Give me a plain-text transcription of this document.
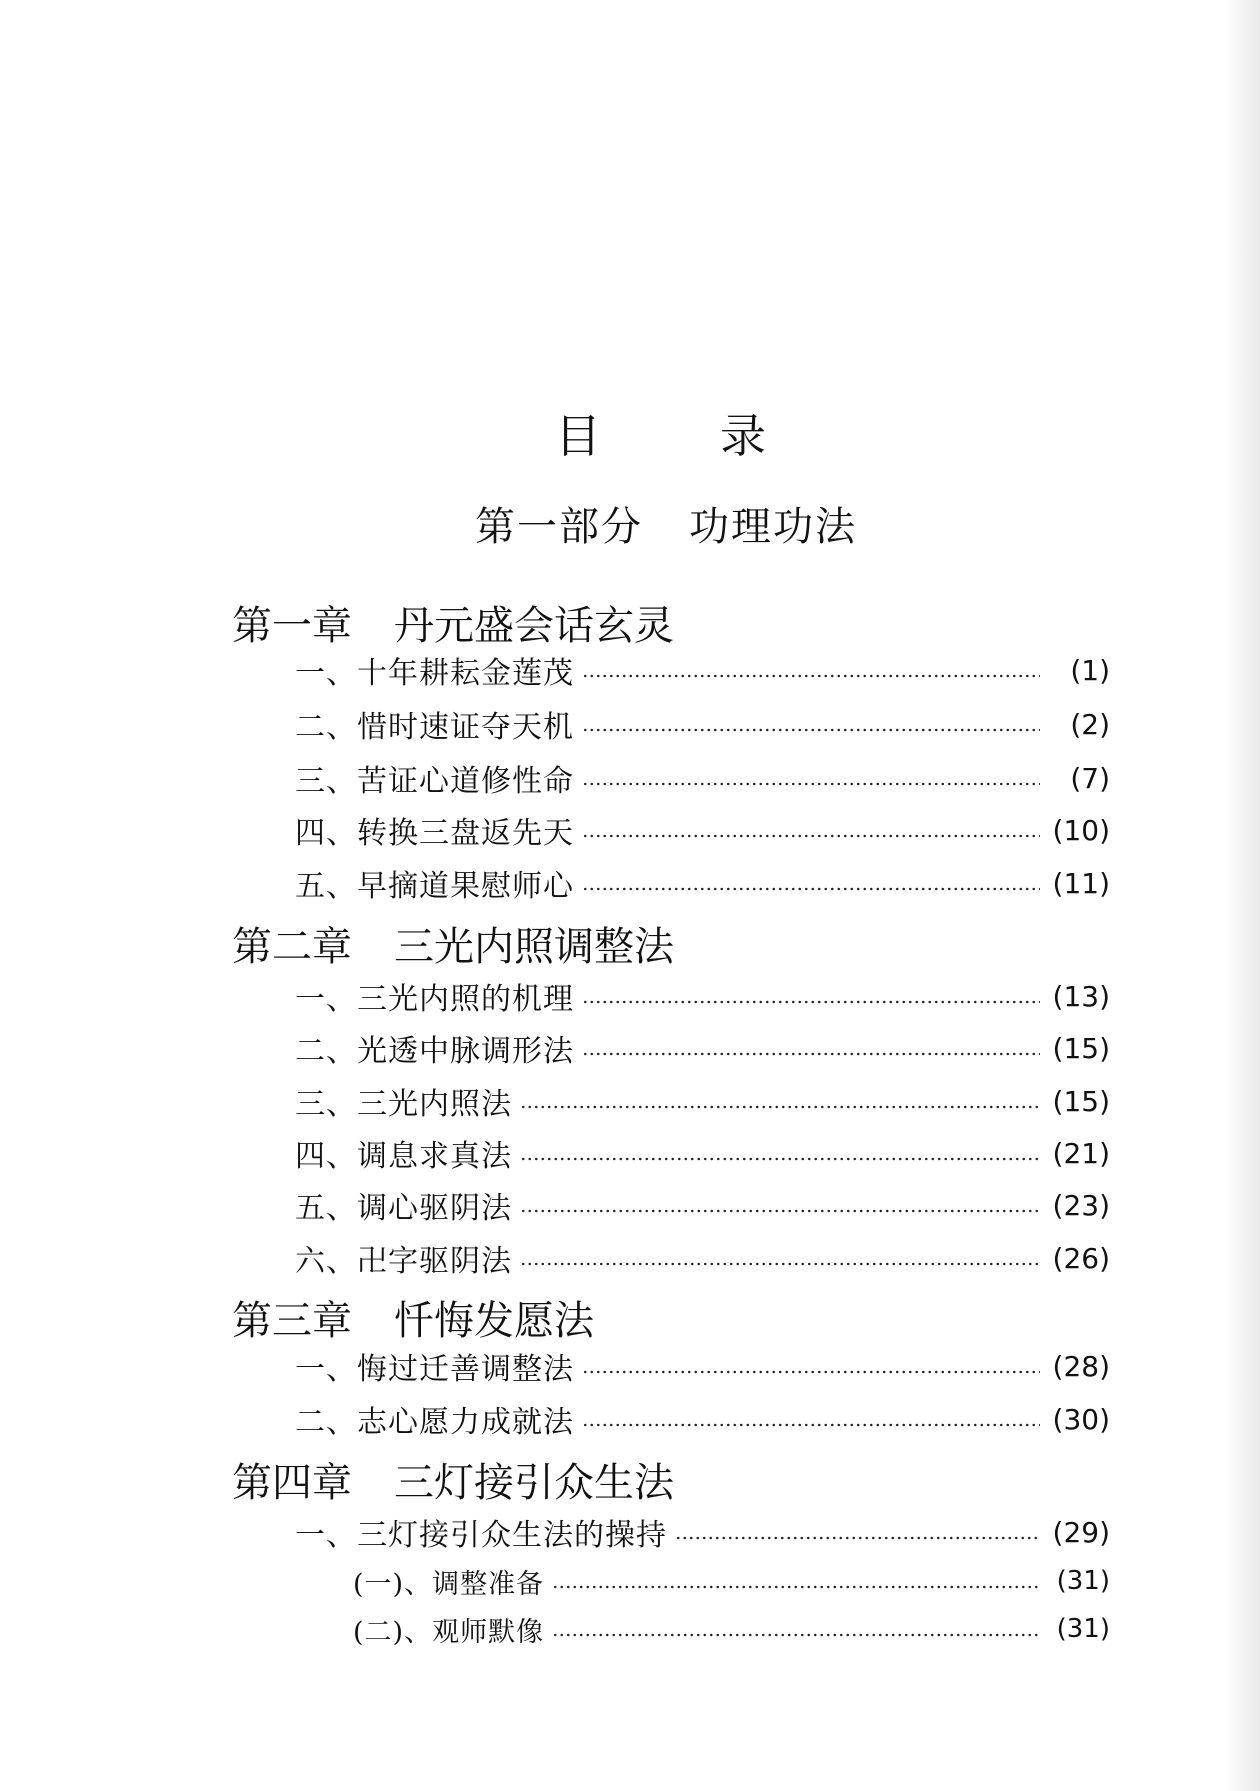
目	录
第一部分 功理功法
第一章 丹元盛会话玄灵
一、十年耕耘金莲茂	(1)
二、惜时速证夺天机	(2)
三、苦证心道修性命	(7)
四、转换三盘返先天	(10)
五、早摘道果慰师心	(11)
第二章 三光内照调整法
一、三光内照的机理	(13)
二、光透中脉调形法	(15)
三、三光内照法	(15)
四、调息求真法	(21)
五、调心驱阴法	(23)
六、卍字驱阴法	(26)
第三章 忏悔发愿法
一、悔过迁善调整法	(28)
二、志心愿力成就法	(30)
第四章 三灯接引众生法
一、三灯接引众生法的操持	(29)
(一)、调整准备	(31)
(二)、观师默像	(31)
